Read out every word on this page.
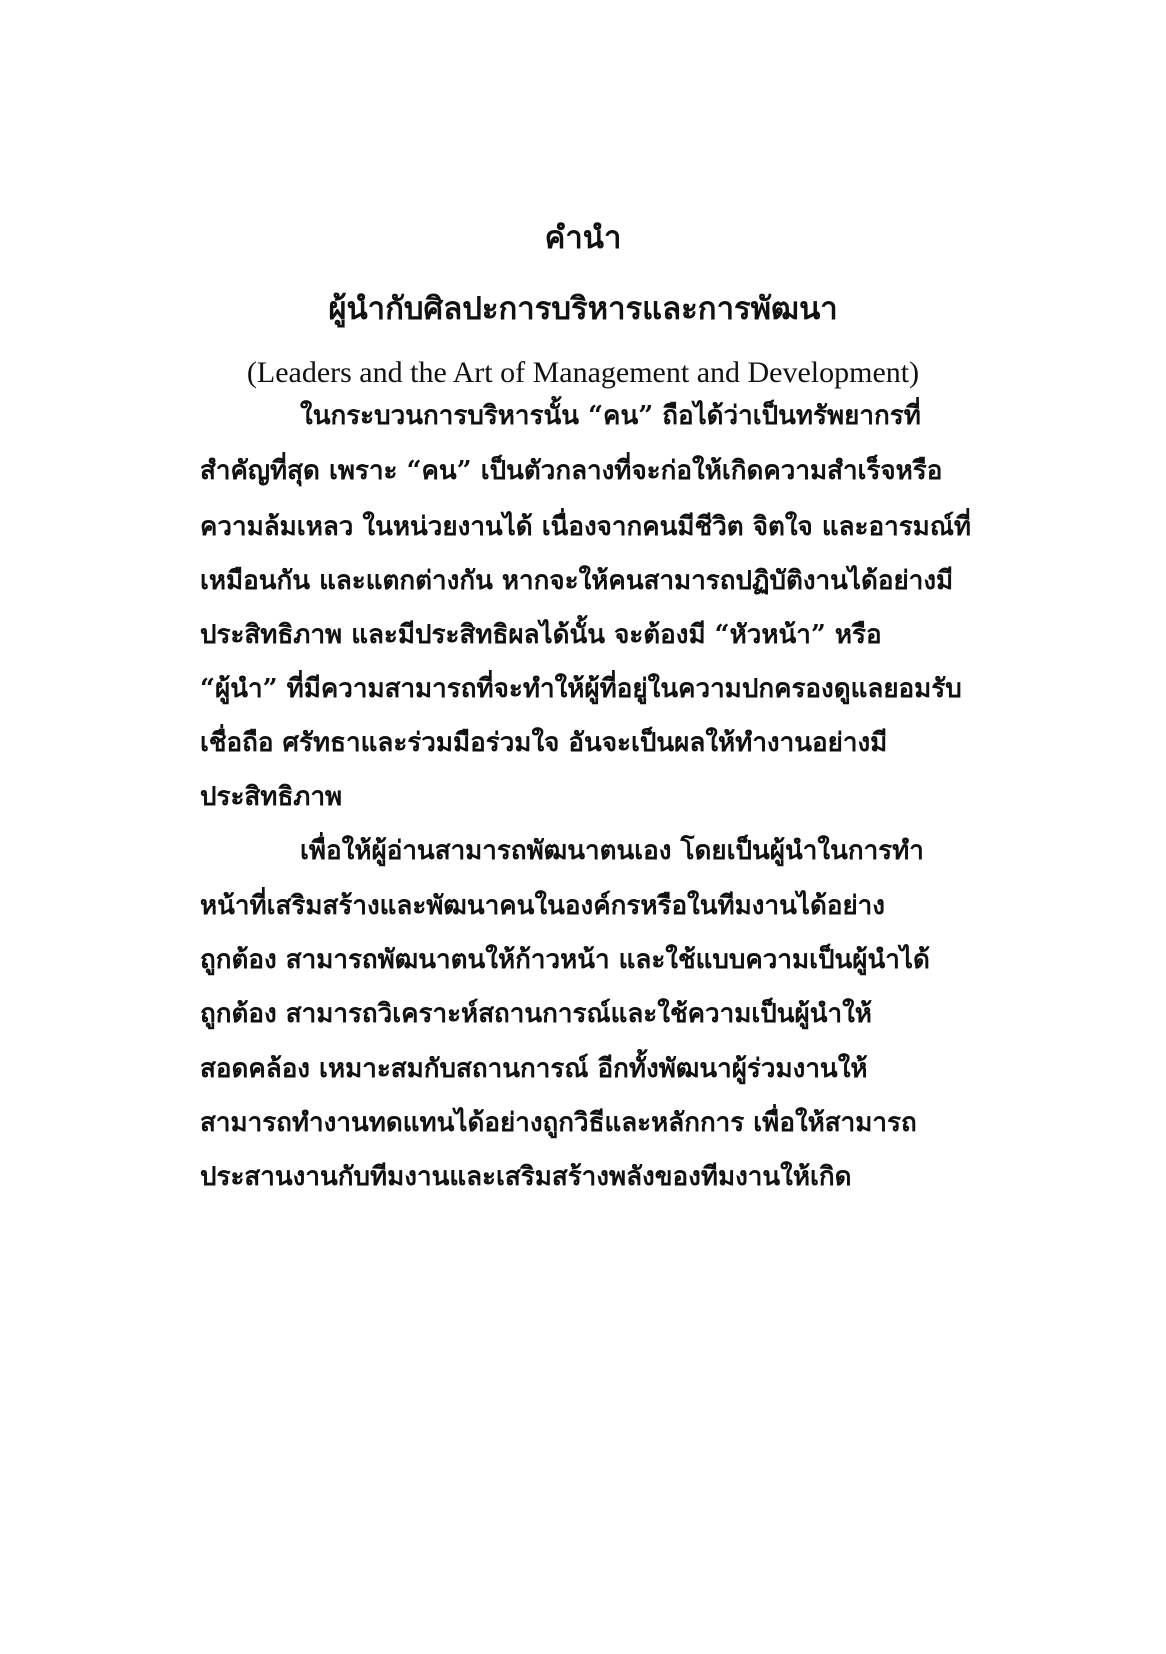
คำนำ
ผู้นำกับศิลปะการบริหารและการพัฒนา
(Leaders and the Art of Management and Development)
ในกระบวนการบริหารนั้น “คน” ถือได้ว่าเป็นทรัพยากรที่
สำคัญที่สุด เพราะ “คน” เป็นตัวกลางที่จะก่อให้เกิดความสำเร็จหรือ
ความล้มเหลว ในหน่วยงานได้ เนื่องจากคนมีชีวิต จิตใจ และอารมณ์ที่
เหมือนกัน และแตกต่างกัน หากจะให้คนสามารถปฏิบัติงานได้อย่างมี
ประสิทธิภาพ และมีประสิทธิผลได้นั้น จะต้องมี “หัวหน้า” หรือ
“ผู้นำ” ที่มีความสามารถที่จะทำให้ผู้ที่อยู่ในความปกครองดูแลยอมรับ
เชื่อถือ ศรัทธาและร่วมมือร่วมใจ อันจะเป็นผลให้ทำงานอย่างมี
ประสิทธิภาพ
เพื่อให้ผู้อ่านสามารถพัฒนาตนเอง โดยเป็นผู้นำในการทำ
หน้าที่เสริมสร้างและพัฒนาคนในองค์กรหรือในทีมงานได้อย่าง
ถูกต้อง สามารถพัฒนาตนให้ก้าวหน้า และใช้แบบความเป็นผู้นำได้
ถูกต้อง สามารถวิเคราะห์สถานการณ์และใช้ความเป็นผู้นำให้
สอดคล้อง เหมาะสมกับสถานการณ์ อีกทั้งพัฒนาผู้ร่วมงานให้
สามารถทำงานทดแทนได้อย่างถูกวิธีและหลักการ เพื่อให้สามารถ
ประสานงานกับทีมงานและเสริมสร้างพลังของทีมงานให้เกิด
